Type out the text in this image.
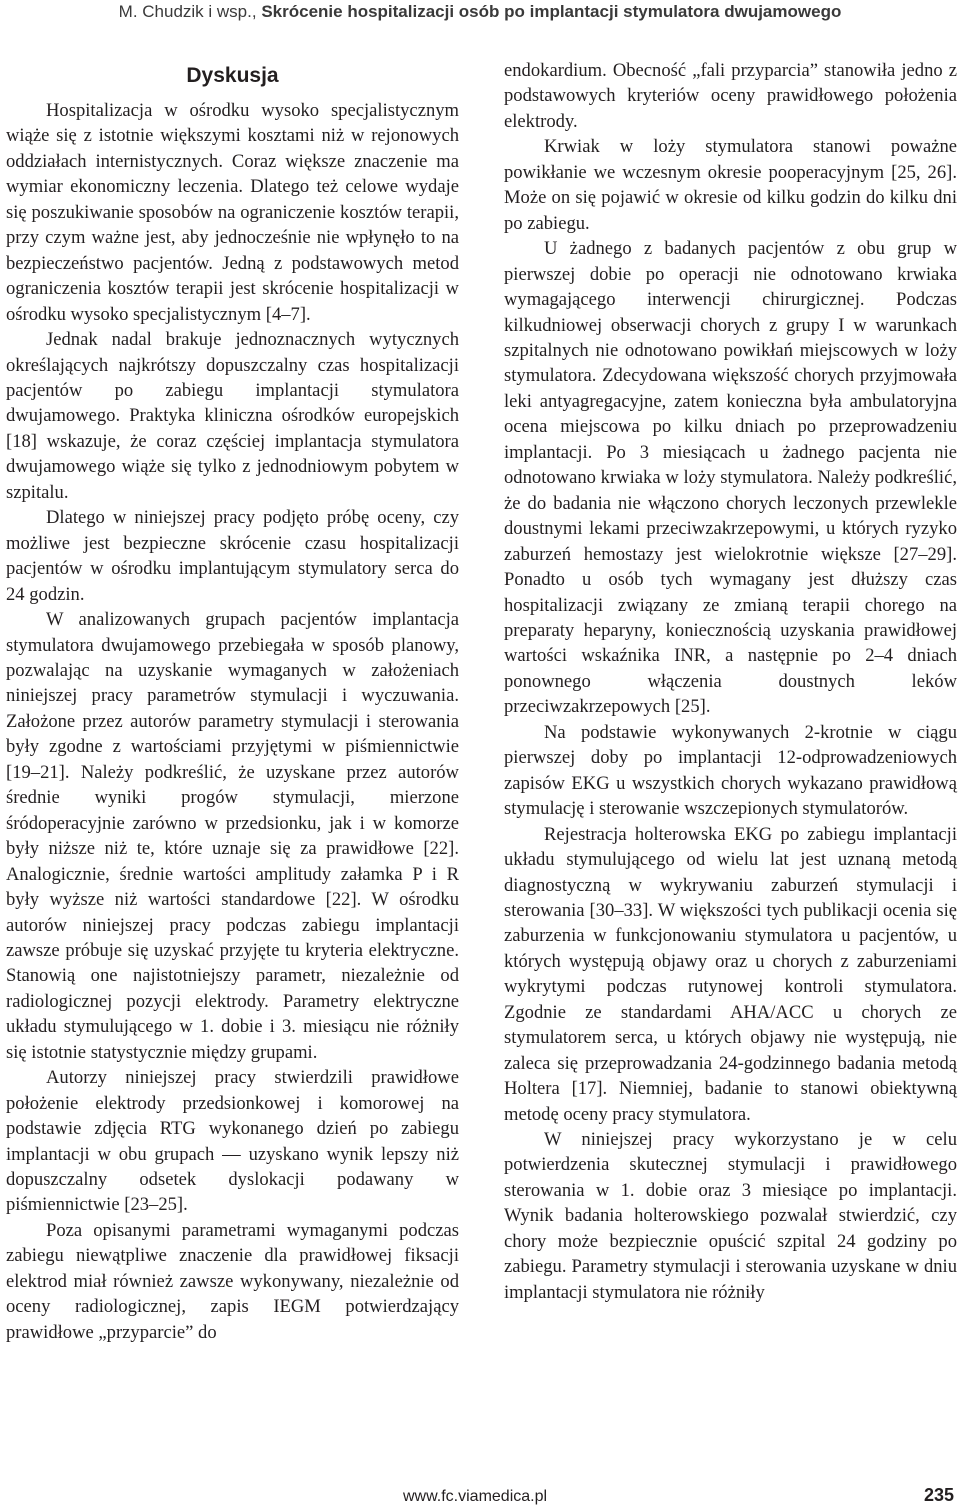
M. Chudzik i wsp., Skrócenie hospitalizacji osób po implantacji stymulatora dwujamowego
Dyskusja

Hospitalizacja w ośrodku wysoko specjalistycznym wiąże się z istotnie większymi kosztami niż w rejonowych oddziałach internistycznych. Coraz większe znaczenie ma wymiar ekonomiczny leczenia. Dlatego też celowe wydaje się poszukiwanie sposobów na ograniczenie kosztów terapii, przy czym ważne jest, aby jednocześnie nie wpłynęło to na bezpieczeństwo pacjentów. Jedną z podstawowych metod ograniczenia kosztów terapii jest skrócenie hospitalizacji w ośrodku wysoko specjalistycznym [4–7].

Jednak nadal brakuje jednoznacznych wytycznych określających najkrótszy dopuszczalny czas hospitalizacji pacjentów po zabiegu implantacji stymulatora dwujamowego. Praktyka kliniczna ośrodków europejskich [18] wskazuje, że coraz częściej implantacja stymulatora dwujamowego wiąże się tylko z jednodniowym pobytem w szpitalu.

Dlatego w niniejszej pracy podjęto próbę oceny, czy możliwe jest bezpieczne skrócenie czasu hospitalizacji pacjentów w ośrodku implantującym stymulatory serca do 24 godzin.

W analizowanych grupach pacjentów implantacja stymulatora dwujamowego przebiegała w sposób planowy, pozwalając na uzyskanie wymaganych w założeniach niniejszej pracy parametrów stymulacji i wyczuwania. Założone przez autorów parametry stymulacji i sterowania były zgodne z wartościami przyjętymi w piśmiennictwie [19–21]. Należy podkreślić, że uzyskane przez autorów średnie wyniki progów stymulacji, mierzone śródoperacyjnie zarówno w przedsionku, jak i w komorze były niższe niż te, które uznaje się za prawidłowe [22]. Analogicznie, średnie wartości amplitudy załamka P i R były wyższe niż wartości standardowe [22]. W ośrodku autorów niniejszej pracy podczas zabiegu implantacji zawsze próbuje się uzyskać przyjęte tu kryteria elektryczne. Stanowią one najistotniejszy parametr, niezależnie od radiologicznej pozycji elektrody. Parametry elektryczne układu stymulującego w 1. dobie i 3. miesiącu nie różniły się istotnie statystycznie między grupami.

Autorzy niniejszej pracy stwierdzili prawidłowe położenie elektrody przedsionkowej i komorowej na podstawie zdjęcia RTG wykonanego dzień po zabiegu implantacji w obu grupach — uzyskano wynik lepszy niż dopuszczalny odsetek dyslokacji podawany w piśmiennictwie [23–25].

Poza opisanymi parametrami wymaganymi podczas zabiegu niewątpliwe znaczenie dla prawidłowej fiksacji elektrod miał również zawsze wykonywany, niezależnie od oceny radiologicznej, zapis IEGM potwierdzający prawidłowe „przyparcie” do

endokardium. Obecność „fali przyparcia” stanowiła jedno z podstawowych kryteriów oceny prawidłowego położenia elektrody.

Krwiak w loży stymulatora stanowi poważne powikłanie we wczesnym okresie pooperacyjnym [25, 26]. Może on się pojawić w okresie od kilku godzin do kilku dni po zabiegu.

U żadnego z badanych pacjentów z obu grup w pierwszej dobie po operacji nie odnotowano krwiaka wymagającego interwencji chirurgicznej. Podczas kilkudniowej obserwacji chorych z grupy I w warunkach szpitalnych nie odnotowano powikłań miejscowych w loży stymulatora. Zdecydowana większość chorych przyjmowała leki antyagregacyjne, zatem konieczna była ambulatoryjna ocena miejscowa po kilku dniach po przeprowadzeniu implantacji. Po 3 miesiącach u żadnego pacjenta nie odnotowano krwiaka w loży stymulatora. Należy podkreślić, że do badania nie włączono chorych leczonych przewlekle doustnymi lekami przeciwzakrzepowymi, u których ryzyko zaburzeń hemostazy jest wielokrotnie większe [27–29]. Ponadto u osób tych wymagany jest dłuższy czas hospitalizacji związany ze zmianą terapii chorego na preparaty heparyny, koniecznością uzyskania prawidłowej wartości wskaźnika INR, a następnie po 2–4 dniach ponownego włączenia doustnych leków przeciwzakrzepowych [25].

Na podstawie wykonywanych 2-krotnie w ciągu pierwszej doby po implantacji 12-odprowadzeniowych zapisów EKG u wszystkich chorych wykazano prawidłową stymulację i sterowanie wszczepionych stymulatorów.

Rejestracja holterowska EKG po zabiegu implantacji układu stymulującego od wielu lat jest uznaną metodą diagnostyczną w wykrywaniu zaburzeń stymulacji i sterowania [30–33]. W większości tych publikacji ocenia się zaburzenia w funkcjonowaniu stymulatora u pacjentów, u których występują objawy oraz u chorych z zaburzeniami wykrytymi podczas rutynowej kontroli stymulatora. Zgodnie ze standardami AHA/ACC u chorych ze stymulatorem serca, u których objawy nie występują, nie zaleca się przeprowadzania 24-godzinnego badania metodą Holtera [17]. Niemniej, badanie to stanowi obiektywną metodę oceny pracy stymulatora.

W niniejszej pracy wykorzystano je w celu potwierdzenia skutecznej stymulacji i prawidłowego sterowania w 1. dobie oraz 3 miesiące po implantacji. Wynik badania holterowskiego pozwalał stwierdzić, czy chory może bezpiecznie opuścić szpital 24 godziny po zabiegu. Parametry stymulacji i sterowania uzyskane w dniu implantacji stymulatora nie różniły

www.fc.viamedica.pl	235
